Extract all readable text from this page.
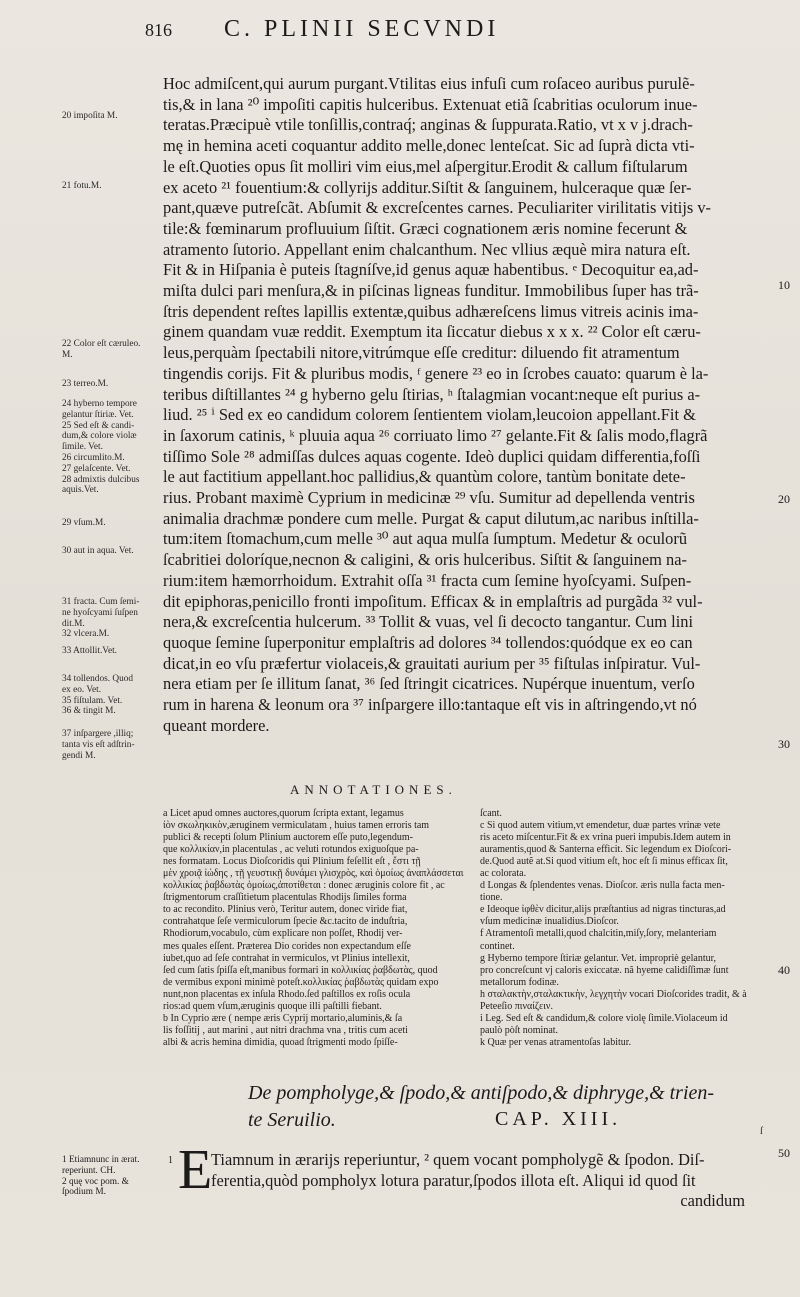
816 C. PLINII SECVNDI
Hoc admiſcent,qui aurum purgant.Vtilitas eius infuſi cum roſaceo auribus purulẽ-
tis,& in lana ²⁰ impoſiti capitis hulceribus. Extenuat etiã ſcabritias oculorum inue-
teratas.Præcipuè vtile tonſillis,contraq́; anginas & ſuppurata.Ratio, vt x v j.drach-
mę in hemina aceti coquantur addito melle,donec lenteſcat. Sic ad ſuprà dicta vti-
le eſt.Quoties opus ſit molliri vim eius,mel aſpergitur.Erodit & callum fiſtularum
ex aceto ²¹ fouentium:& collyrijs additur.Siſtit & ſanguinem, hulceraque quæ ſer-
pant,quæve putreſcãt. Abſumit & excreſcentes carnes. Peculiariter virilitatis vitijs v-
tile:& fœminarum profluuium ſiſtit. Græci cognationem æris nomine fecerunt &
atramento ſutorio. Appellant enim chalcanthum. Nec vllius æquè mira natura eſt.
Fit & in Hiſpania è puteis ſtagníſve,id genus aquæ habentibus. ᵉ Decoquitur ea,ad-
miſta dulci pari menſura,& in piſcinas ligneas funditur. Immobilibus ſuper has trã-
ſtris dependent reſtes lapillis extentæ,quibus adhæreſcens limus vitreis acinis ima-
ginem quandam vuæ reddit. Exemptum ita ſiccatur diebus x x x. ²² Color eſt cæru-
leus,perquàm ſpectabili nitore,vitrúmque eſſe creditur: diluendo fit atramentum
tingendis corijs. Fit & pluribus modis, ᶠ genere ²³ eo in ſcrobes cauato: quarum è la-
teribus diſtillantes ²⁴ g hyberno gelu ſtirias, ʰ ſtalagmian vocant:neque eſt purius a-
liud. ²⁵ ⁱ Sed ex eo candidum colorem ſentientem violam,leucoion appellant.Fit &
in ſaxorum catinis, ᵏ pluuia aqua ²⁶ corriuato limo ²⁷ gelante.Fit & ſalis modo,flagrã
tiſſimo Sole ²⁸ admiſſas dulces aquas cogente. Ideò duplici quidam differentia,foſſi
le aut factitium appellant.hoc pallidius,& quantùm colore, tantùm bonitate dete-
rius. Probant maximè Cyprium in medicinæ ²⁹ vſu. Sumitur ad depellenda ventris
animalia drachmæ pondere cum melle. Purgat & caput dilutum,ac naribus inſtilla-
tum:item ſtomachum,cum melle ³⁰ aut aqua mulſa ſumptum. Medetur & oculorũ
ſcabritiei doloríque,necnon & caligini, & oris hulceribus. Siſtit & ſanguinem na-
rium:item hæmorrhoidum. Extrahit oſſa ³¹ fracta cum ſemine hyoſcyami. Suſpen-
dit epiphoras,penicillo fronti impoſitum. Efficax & in emplaſtris ad purgãda ³² vul-
nera,& excreſcentia hulcerum. ³³ Tollit & vuas, vel ſi decocto tangantur. Cum lini
quoque ſemine ſuperponitur emplaſtris ad dolores ³⁴ tollendos:quódque ex eo can
dicat,in eo vſu præfertur violaceis,& grauitati aurium per ³⁵ fiſtulas inſpiratur. Vul-
nera etiam per ſe illitum ſanat, ³⁶ ſed ſtringit cicatrices. Nupérque inuentum, verſo
rum in harena & leonum ora ³⁷ inſpargere illo:tantaque eſt vis in aſtringendo,vt nó
queant mordere.
20 impoſita M.
21 fotu.M.
22 Color eſt cæruleo.
M.
23 terreo.M.
24 hyberno tempore
gelantur ſtiriæ. Vet.
25 Sed eſt & candi-
dum,& colore violæ
ſimile. Vet.
26 circumlito.M.
27 gelaſcente. Vet.
28 admixtis dulcibus
aquis.Vet.
29 vſum.M.
30 aut in aqua. Vet.
31 fracta. Cum ſemi-
ne hyoſcyami ſuſpen
dit.M.
32 vlcera.M.
33 Attollit.Vet.
34 tollendos. Quod
ex eo. Vet.
35 fiſtulam. Vet.
36 & tingit M.
37 inſpargere ,illiq;
tanta vis eſt adſtrin-
gendi M.
10
20
30
40
50
ANNOTATIONES.
a Licet apud omnes auctores,quorum ſcripta extant, legamus
ἰὸν σκωληκικὸν,æruginem vermiculatam , huius tamen erroris tam
publici & recepti ſolum Plinium auctorem eſſe puto,legendum-
que κολλικίαν,in placentulas , ac veluti rotundos exiguoſque pa-
nes formatam. Locus Dioſcoridis qui Plinium feſellit eſt , ἔστι τῇ
μὲν χροιᾷ ἰώδης , τῇ γευστικῇ δυνάμει γλισχρὸς, καὶ ὁμοίως ἀναπλάσσεται
κολλικίας ῥαβδωτὰς ὁμοίως,ἀποτίθεται : donec æruginis colore fit , ac
ſtrigmentorum craſſitietum placentulas Rhodijs ſimiles forma
to ac recondito. Plinius verò, Teritur autem, donec viride fiat,
contrahatque ſeſe vermiculorum ſpecie &c.tacito de induſtria,
Rhodiorum,vocabulo, cùm explicare non poſſet, Rhodij ver-
mes quales eſſent. Præterea Dio corides non expectandum eſſe
iubet,quo ad ſeſe contrahat in vermiculos, vt Plinius intellexit,
ſed cum ſatis ſpiſſa eſt,manibus formari in κολλικίας ῥαβδωτὰς, quod
de vermibus exponi minimè poteſt.κολλικίας ῥαβδωτὰς quidam expo
nunt,non placentas ex inſula Rhodo.ſed paſtillos ex roſis ocula
rios:ad quem vſum,æruginis quoque illi paſtilli fiebant.
b In Cyprio ære ( nempe æris Cyprij mortario,aluminis,& ſa
lis foſſitij , aut marini , aut nitri drachma vna , tritis cum aceti
albi & acris hemina dimidia, quoad ſtrigmenti modo ſpiſſe-
ſcant.
c Si quod autem vitium,vt emendetur, duæ partes vrinæ vete
ris aceto miſcentur.Fit & ex vrina pueri impubis.Idem autem in
auramentis,quod & Santerna efficit. Sic legendum ex Dioſcori-
de.Quod autẽ at.Si quod vitium eſt, hoc eſt ſi minus efficax ſit,
ac colorata.
d Longas & ſplendentes venas. Dioſcor. æris nulla facta men-
tione.
e Ideoque ἰφθὲν dicitur,alijs præſtantius ad nigras tincturas,ad
vſum medicinæ inualidius.Dioſcor.
f Atramentoſi metalli,quod chalcitin,miſy,ſory, melanteriam
continet.
g Hyberno tempore ſtiriæ gelantur. Vet. impropriè gelantur,
pro concreſcunt vj caloris exiccatæ. nã hyeme calidiſſimæ ſunt
metallorum fodinæ.
h σταλακτὴν,σταλακτικὴν, λεγχητὴν vocari Dioſcorides tradit, & à
Peteeſio πιναίζειν.
i Leg. Sed eſt & candidum,& colore violę ſimile.Violaceum id
paulò pòſt nominat.
k Quæ per venas atramentoſas labitur.
De pompholyge,& ſpodo,& antiſpodo,& diphryge,& trien-
te Seruilio.	CAP. XIII.
ſ
1 E
Tiamnum in ærarijs reperiuntur, ² quem vocant pompholygẽ & ſpodon. Diſ-
ferentia,quòd pompholyx lotura paratur,ſpodos illota eſt. Aliqui id quod ſit
candidum
1 Etiamnunc in ærat.
reperiunt. CH.
2 quę voc pom. &
ſpodium M.
